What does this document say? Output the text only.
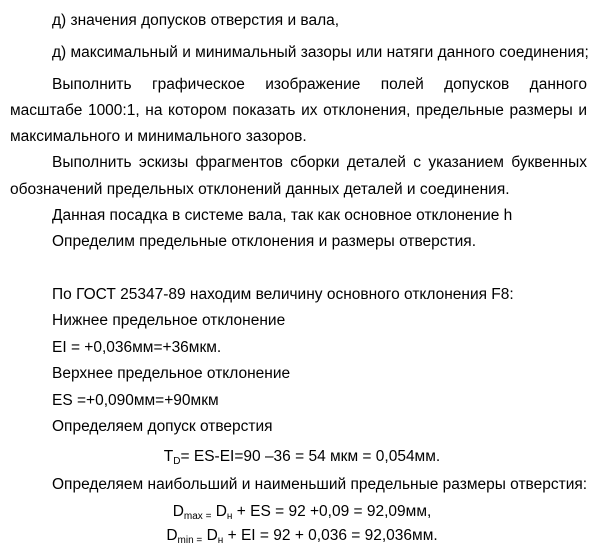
д) значения допусков отверстия и вала,
д) максимальный и минимальный зазоры или натяги данного соединения;
Выполнить графическое изображение полей допусков данного
масштабе 1000:1, на котором показать их отклонения, предельные размеры и
максимального и минимального зазоров.
Выполнить эскизы фрагментов сборки деталей с указанием буквенных
обозначений предельных отклонений данных деталей и соединения.
Данная посадка в системе вала, так как основное отклонение h
Определим предельные отклонения и размеры отверстия.
По ГОСТ 25347-89 находим величину основного отклонения F8:
Нижнее предельное отклонение
EI = +0,036мм=+36мкм.
Верхнее предельное отклонение
ES =+0,090мм=+90мкм
Определяем допуск отверстия
$T_D= ES-EI=90$ –36 = 54 мкм = 0,054мм.
Определяем наибольший и наименьший предельные размеры отверстия:
$D_{max =}$ $D_н$ + ES = 92 +0,09 = 92,09мм,
$D_{min =}$ $D_н$ + EI = 92 + 0,036 = 92,036мм.
